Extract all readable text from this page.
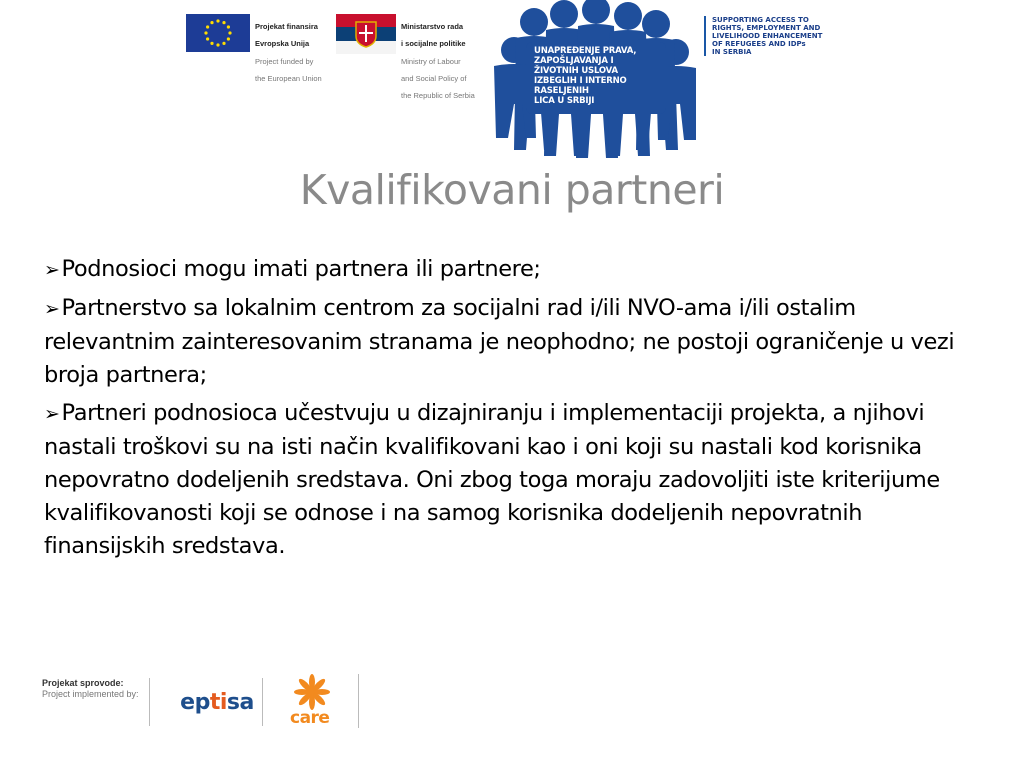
Projekat finansira

Evropska Unija

Project funded by

the European Union

Ministarstvo rada

i socijalne politike

Ministry of Labour

and Social Policy of

the Republic of Serbia

UNAPREĐENJE PRAVA,
ZAPOŠLJAVANJA I
ŽIVOTNIH USLOVA
IZBEGLIH I INTERNO
RASELJENIH
LICA U SRBIJI
SUPPORTING ACCESS TO
RIGHTS, EMPLOYMENT AND
LIVELIHOOD ENHANCEMENT
OF REFUGEES AND IDPs
IN SERBIA
Kvalifikovani partneri
➢Podnosioci mogu imati partnera ili partnere;
➢Partnerstvo sa lokalnim centrom za socijalni rad i/ili NVO-ama i/ili ostalim relevantnim zainteresovanim stranama je neophodno; ne postoji ograničenje u vezi broja partnera;
➢Partneri podnosioca učestvuju u dizajniranju i implementaciji projekta, a njihovi nastali troškovi su na isti način kvalifikovani kao i oni koji su nastali kod korisnika nepovratno dodeljenih sredstava. Oni zbog toga moraju zadovoljiti iste kriterijume kvalifikovanosti koji se odnose i na samog korisnika dodeljenih nepovratnih finansijskih sredstava.
Projekat sprovode:
Project implemented by: ep ti sa
care
